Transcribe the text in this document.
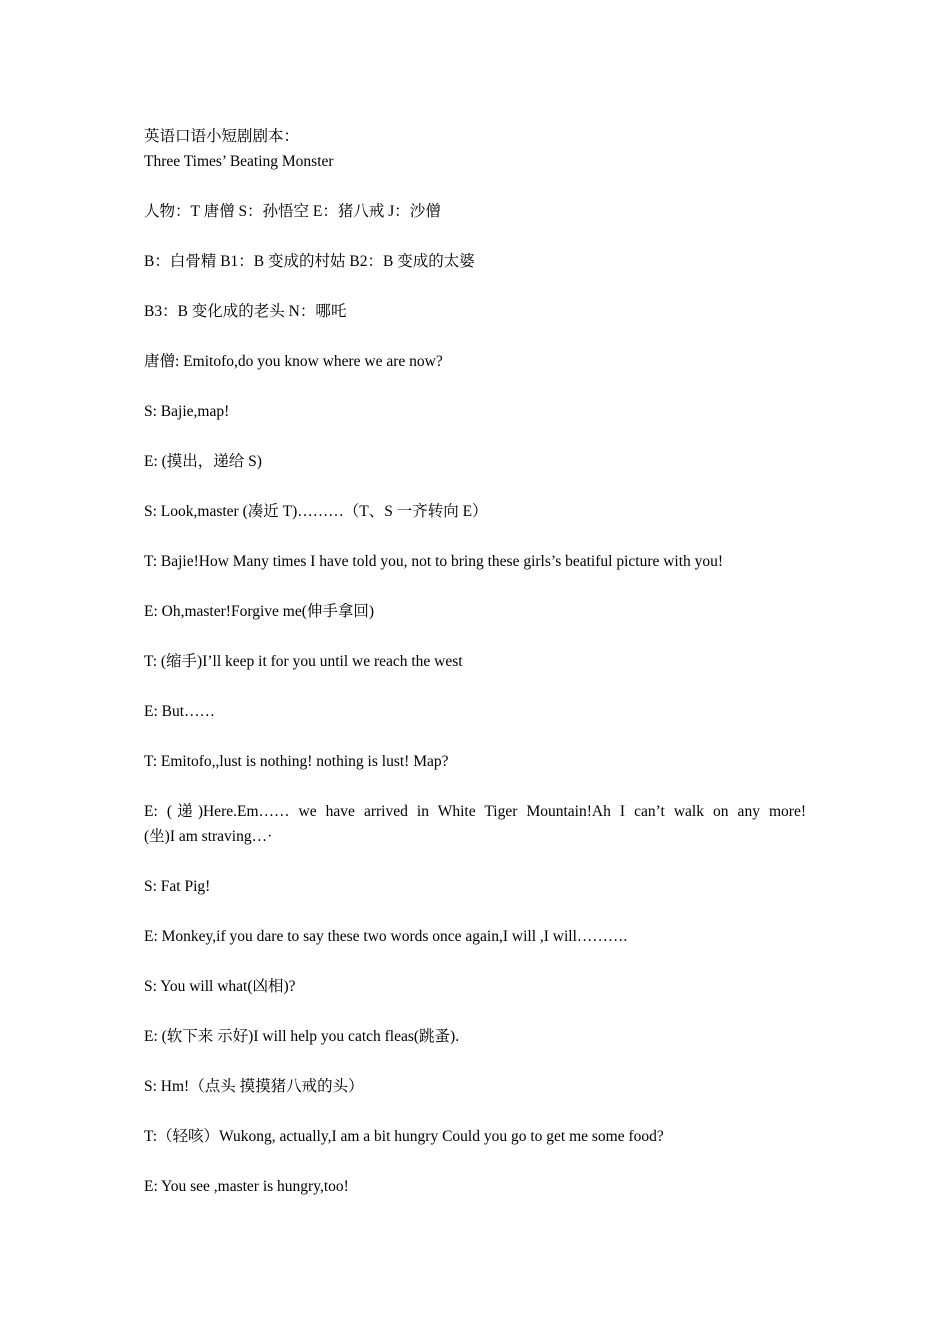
英语口语小短剧剧本：

Three Times’ Beating Monster

人物：T 唐僧 S：孙悟空 E：猪八戒 J：沙僧

B：白骨精 B1：B 变成的村姑 B2：B 变成的太婆

B3：B 变化成的老头 N：哪吒

唐僧: Emitofo,do you know where we are now?

S: Bajie,map!

E: (摸出，递给 S)

S: Look,master (凑近 T)………（T、S 一齐转向 E）

T: Bajie!How Many times I have told you, not to bring these girls’s beatiful picture with you!

E: Oh,master!Forgive me(伸手拿回)

T: (缩手)I’ll keep it for you until we reach the west

E: But……

T: Emitofo,,lust is nothing! nothing is lust! Map?

E: (递)Here.Em…… we have arrived in White Tiger Mountain!Ah I can’t walk on any more!
(坐)I am straving…·

S: Fat Pig!

E: Monkey,if you dare to say these two words once again,I will ,I will……….

S: You will what(凶相)?

E: (软下来 示好)I will help you catch fleas(跳蚤).

S: Hm!（点头 摸摸猪八戒的头）

T:（轻咳）Wukong, actually,I am a bit hungry Could you go to get me some food?

E: You see ,master is hungry,too!
